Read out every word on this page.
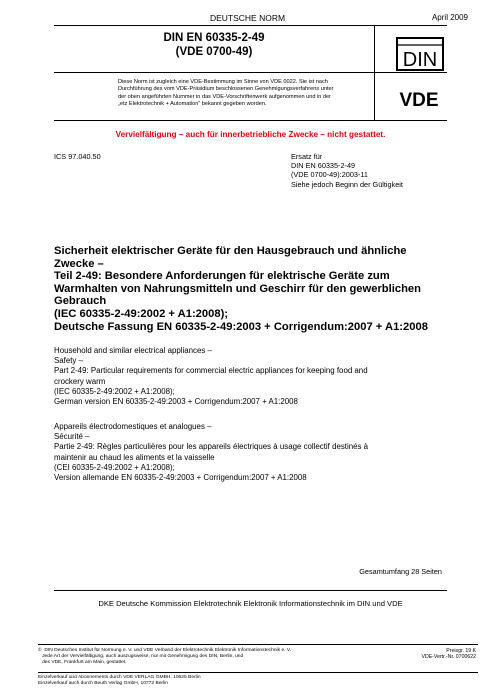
DEUTSCHE NORM	April 2009
DIN EN 60335-2-49
(VDE 0700-49)
Diese Norm ist zugleich eine VDE-Bestimmung im Sinne von VDE 0022. Sie ist nach
Durchführung des vom VDE-Präsidium beschlossenen Genehmigungsverfahrens unter
der oben angeführten Nummer in das VDE-Vorschriftenwerk aufgenommen und in der
„etz Elektrotechnik + Automation“ bekannt gegeben worden.
DIN
VDE
Vervielfältigung – auch für innerbetriebliche Zwecke – nicht gestattet.
ICS 97.040.50	Ersatz für
DIN EN 60335-2-49
(VDE 0700-49):2003-11
Siehe jedoch Beginn der Gültigkeit
Sicherheit elektrischer Geräte für den Hausgebrauch und ähnliche
Zwecke –
Teil 2-49: Besondere Anforderungen für elektrische Geräte zum
Warmhalten von Nahrungsmitteln und Geschirr für den gewerblichen
Gebrauch
(IEC 60335-2-49:2002 + A1:2008);
Deutsche Fassung EN 60335-2-49:2003 + Corrigendum:2007 + A1:2008
Household and similar electrical appliances –
Safety –
Part 2-49: Particular requirements for commercial electric appliances for keeping food and
crockery warm
(IEC 60335-2-49:2002 + A1:2008);
German version EN 60335-2-49:2003 + Corrigendum:2007 + A1:2008
Appareils électrodomestiques et analogues –
Sécurité –
Partie 2-49: Règles particulières pour les appareils électriques à usage collectif destinés à
maintenir au chaud les aliments et la vaisselle
(CEI 60335-2-49:2002 + A1:2008);
Version allemande EN 60335-2-49:2003 + Corrigendum:2007 + A1:2008
Gesamtumfang 28 Seiten
DKE Deutsche Kommission Elektrotechnik Elektronik Informationstechnik im DIN und VDE
©  DIN Deutsches Institut für Normung e. V. und VDE Verband der Elektrotechnik Elektronik Informationstechnik e. V.
Jede Art der Vervielfältigung, auch auszugsweise, nur mit Genehmigung des DIN, Berlin, und
des VDE, Frankfurt am Main, gestattet.
Preisgr. 19 K
VDE-Vertr.-Nr. 0700622
Einzelverkauf und Abonnements durch VDE VERLAG GMBH, 10625 Berlin
Einzelverkauf auch durch Beuth Verlag GmbH, 10772 Berlin
